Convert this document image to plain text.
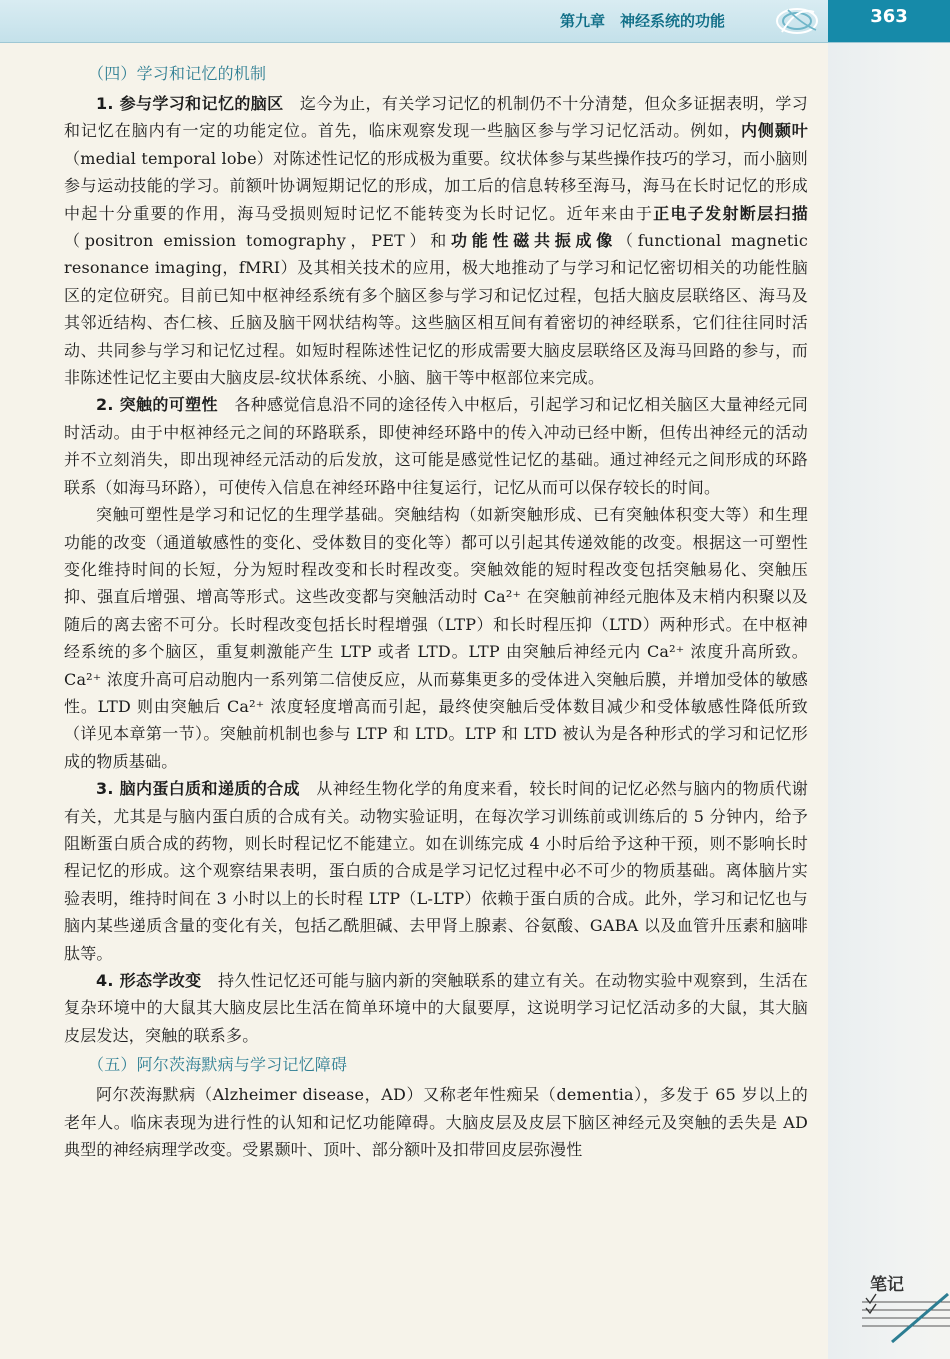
第九章　神经系统的功能	363
（四）学习和记忆的机制

1. 参与学习和记忆的脑区　迄今为止，有关学习记忆的机制仍不十分清楚，但众多证据表明，学习和记忆在脑内有一定的功能定位。首先，临床观察发现一些脑区参与学习记忆活动。例如，内侧颞叶（medial temporal lobe）对陈述性记忆的形成极为重要。纹状体参与某些操作技巧的学习，而小脑则参与运动技能的学习。前额叶协调短期记忆的形成，加工后的信息转移至海马，海马在长时记忆的形成中起十分重要的作用，海马受损则短时记忆不能转变为长时记忆。近年来由于正电子发射断层扫描（positron emission tomography，PET）和功能性磁共振成像（functional magnetic resonance imaging，fMRI）及其相关技术的应用，极大地推动了与学习和记忆密切相关的功能性脑区的定位研究。目前已知中枢神经系统有多个脑区参与学习和记忆过程，包括大脑皮层联络区、海马及其邻近结构、杏仁核、丘脑及脑干网状结构等。这些脑区相互间有着密切的神经联系，它们往往同时活动、共同参与学习和记忆过程。如短时程陈述性记忆的形成需要大脑皮层联络区及海马回路的参与，而非陈述性记忆主要由大脑皮层-纹状体系统、小脑、脑干等中枢部位来完成。

2. 突触的可塑性　各种感觉信息沿不同的途径传入中枢后，引起学习和记忆相关脑区大量神经元同时活动。由于中枢神经元之间的环路联系，即使神经环路中的传入冲动已经中断，但传出神经元的活动并不立刻消失，即出现神经元活动的后发放，这可能是感觉性记忆的基础。通过神经元之间形成的环路联系（如海马环路），可使传入信息在神经环路中往复运行，记忆从而可以保存较长的时间。

突触可塑性是学习和记忆的生理学基础。突触结构（如新突触形成、已有突触体积变大等）和生理功能的改变（通道敏感性的变化、受体数目的变化等）都可以引起其传递效能的改变。根据这一可塑性变化维持时间的长短，分为短时程改变和长时程改变。突触效能的短时程改变包括突触易化、突触压抑、强直后增强、增高等形式。这些改变都与突触活动时 Ca²⁺ 在突触前神经元胞体及末梢内积聚以及随后的离去密不可分。长时程改变包括长时程增强（LTP）和长时程压抑（LTD）两种形式。在中枢神经系统的多个脑区，重复刺激能产生 LTP 或者 LTD。LTP 由突触后神经元内 Ca²⁺ 浓度升高所致。Ca²⁺ 浓度升高可启动胞内一系列第二信使反应，从而募集更多的受体进入突触后膜，并增加受体的敏感性。LTD 则由突触后 Ca²⁺ 浓度轻度增高而引起，最终使突触后受体数目减少和受体敏感性降低所致（详见本章第一节）。突触前机制也参与 LTP 和 LTD。LTP 和 LTD 被认为是各种形式的学习和记忆形成的物质基础。

3. 脑内蛋白质和递质的合成　从神经生物化学的角度来看，较长时间的记忆必然与脑内的物质代谢有关，尤其是与脑内蛋白质的合成有关。动物实验证明，在每次学习训练前或训练后的 5 分钟内，给予阻断蛋白质合成的药物，则长时程记忆不能建立。如在训练完成 4 小时后给予这种干预，则不影响长时程记忆的形成。这个观察结果表明，蛋白质的合成是学习记忆过程中必不可少的物质基础。离体脑片实验表明，维持时间在 3 小时以上的长时程 LTP（L-LTP）依赖于蛋白质的合成。此外，学习和记忆也与脑内某些递质含量的变化有关，包括乙酰胆碱、去甲肾上腺素、谷氨酸、GABA 以及血管升压素和脑啡肽等。

4. 形态学改变　持久性记忆还可能与脑内新的突触联系的建立有关。在动物实验中观察到，生活在复杂环境中的大鼠其大脑皮层比生活在简单环境中的大鼠要厚，这说明学习记忆活动多的大鼠，其大脑皮层发达，突触的联系多。

（五）阿尔茨海默病与学习记忆障碍

阿尔茨海默病（Alzheimer disease，AD）又称老年性痴呆（dementia），多发于 65 岁以上的老年人。临床表现为进行性的认知和记忆功能障碍。大脑皮层及皮层下脑区神经元及突触的丢失是 AD 典型的神经病理学改变。受累颞叶、顶叶、部分额叶及扣带回皮层弥漫性

笔记
